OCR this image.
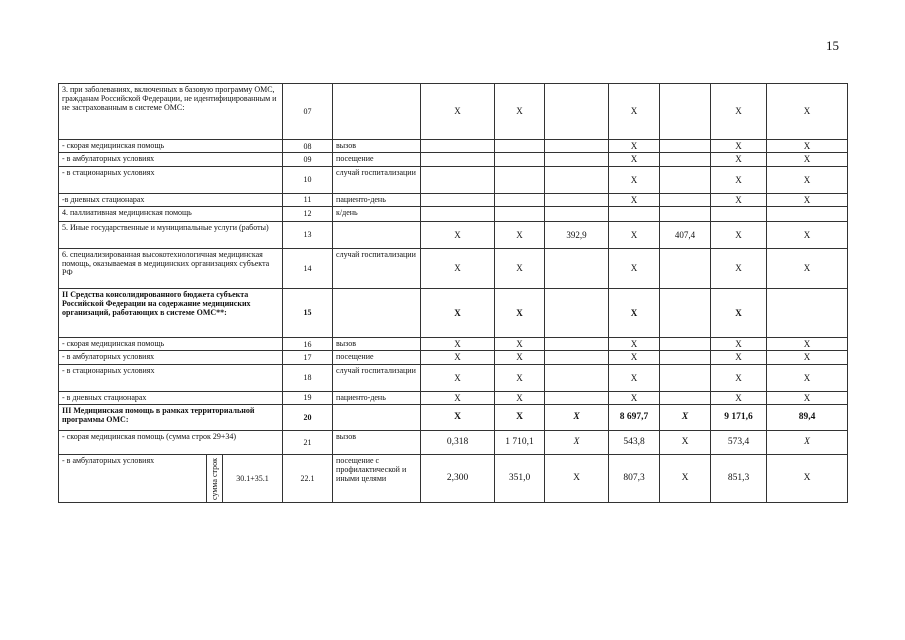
15
3. при заболеваниях, включенных в базовую программу ОМС, гражданам Российской Федерации, не идентифицированным и не застрахованным в системе ОМС:			07		X	X		X		X	X
- скорая медицинская помощь			08	вызов				X		X	X
- в амбулаторных условиях			09	посещение				X		X	X
- в стационарных условиях			10	случай госпитализации				X		X	X
-в дневных стационарах			11	пациенто-день				X		X	X
4. паллиативная медицинская помощь			12	к/день							
5. Иные государственные и муниципальные услуги (работы)			13		X	X	392,9	X	407,4	X	X
6. специализированная высокотехнологичная медицинская помощь, оказываемая в медицинских организациях субъекта РФ			14	случай госпитализации	X	X		X		X	X
II Средства консолидированного бюджета субъекта Российской Федерации на содержание медицинских организаций, работающих в системе ОМС**:			15		X	X		X		X	
- скорая медицинская помощь			16	вызов	X	X		X		X	X
- в амбулаторных условиях			17	посещение	X	X		X		X	X
- в стационарных условиях			18	случай госпитализации	X	X		X		X	X
- в дневных стационарах			19	пациенто-день	X	X		X		X	X
III Медицинская помощь в рамках территориальной программы ОМС:			20		X	X	X	8 697,7	X	9 171,6	89,4
- скорая медицинская помощь (сумма строк 29+34)			21	вызов	0,318	1 710,1	X	543,8	X	573,4	X
- в амбулаторных условиях	сумма строк	30.1+35.1	22.1	посещение с профилактической и иными целями	2,300	351,0	X	807,3	X	851,3	X
